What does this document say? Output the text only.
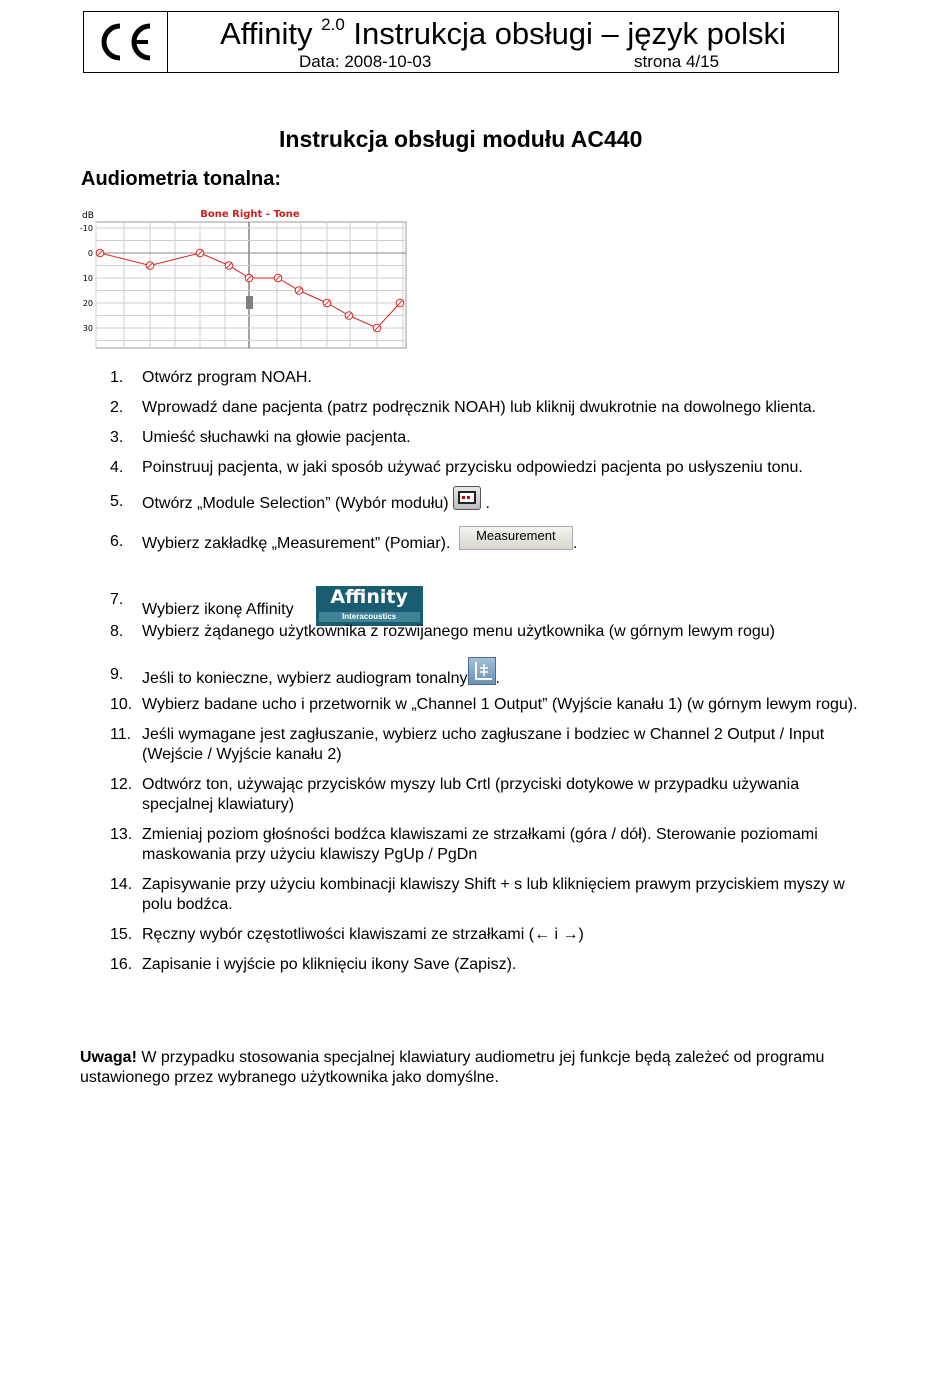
Affinity $^{2.0}$ Instrukcja obsługi – język polski
Data: 2008-10-03	strona 4/15
Instrukcja obsługi modułu AC440
Audiometria tonalna:
Bone Right - Tone
dB
-10
0
10
20
30
1.	Otwórz program NOAH.
2.	Wprowadź dane pacjenta (patrz podręcznik NOAH) lub kliknij dwukrotnie na dowolnego klienta.
3.	Umieść słuchawki na głowie pacjenta.
4.	Poinstruuj pacjenta, w jaki sposób używać przycisku odpowiedzi pacjenta po usłyszeniu tonu.
5.	Otwórz „Module Selection” (Wybór modułu)
.
6.	Wybierz zakładkę „Measurement” (Pomiar). Measurement .
7.
Wybierz ikonę Affinity
Affinity
Interacoustics
8.	Wybierz żądanego użytkownika z rozwijanego menu użytkownika (w górnym lewym rogu)
9.	Jeśli to konieczne, wybierz audiogram tonalny .
10. Wybierz badane ucho i przetwornik w „Channel 1 Output” (Wyjście kanału 1) (w górnym lewym rogu).
11. Jeśli wymagane jest zagłuszanie, wybierz ucho zagłuszane i bodziec w Channel 2 Output / Input (Wejście / Wyjście kanału 2)
12. Odtwórz ton, używając przycisków myszy lub Crtl (przyciski dotykowe w przypadku używania specjalnej klawiatury)
13. Zmieniaj poziom głośności bodźca klawiszami ze strzałkami (góra / dół). Sterowanie poziomami maskowania przy użyciu klawiszy PgUp / PgDn
14. Zapisywanie przy użyciu kombinacji klawiszy Shift + s lub kliknięciem prawym przyciskiem myszy w polu bodźca.
15. Ręczny wybór częstotliwości klawiszami ze strzałkami (← i →)
16. Zapisanie i wyjście po kliknięciu ikony Save (Zapisz).
Uwaga! W przypadku stosowania specjalnej klawiatury audiometru jej funkcje będą zależeć od programu ustawionego przez wybranego użytkownika jako domyślne.
